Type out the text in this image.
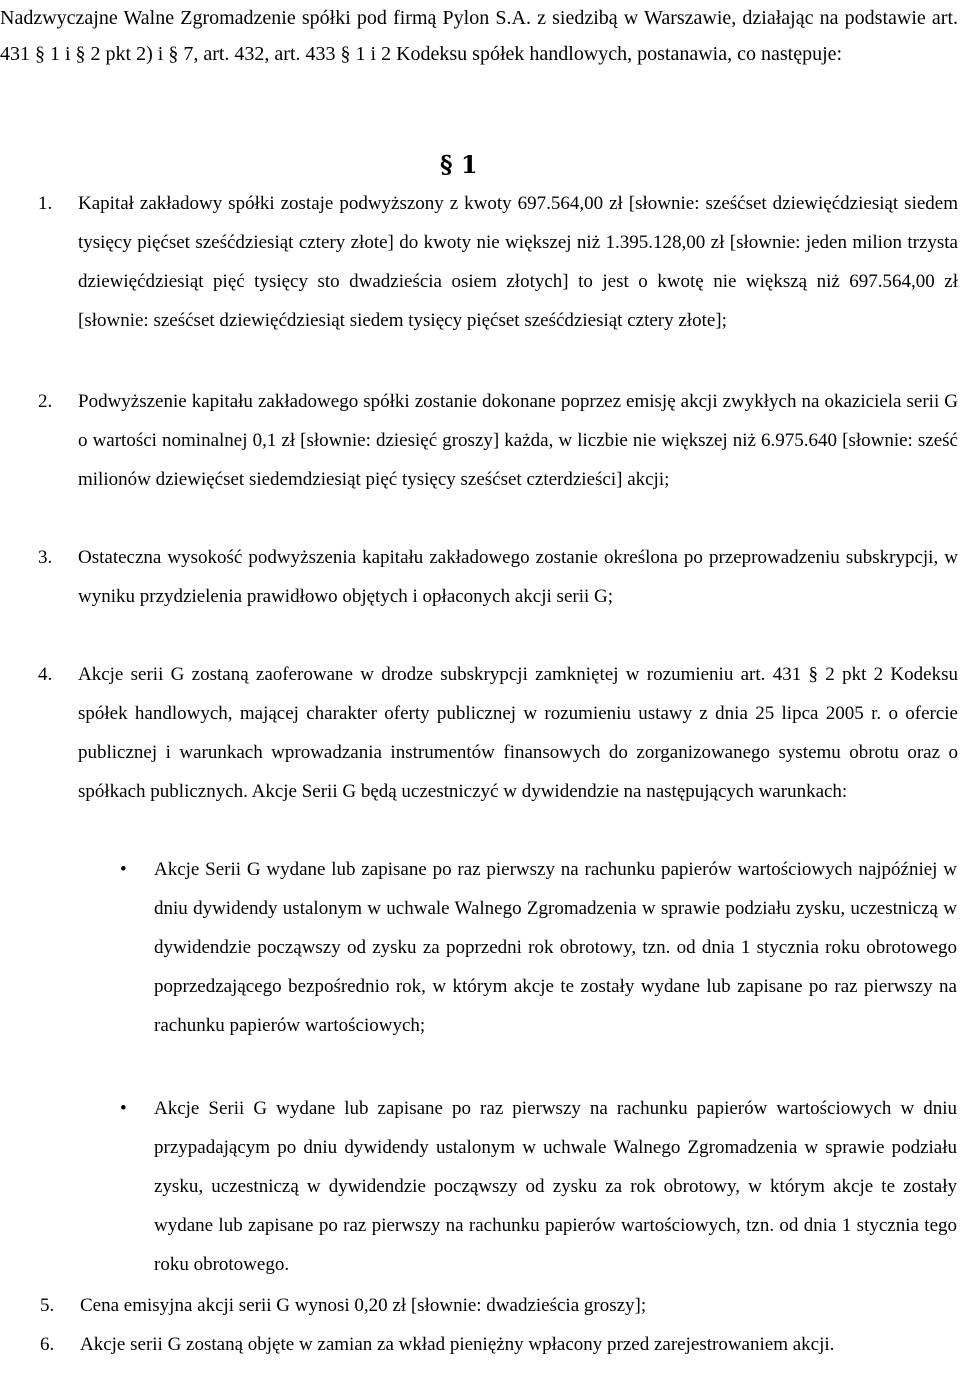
Nadzwyczajne Walne Zgromadzenie spółki pod firmą Pylon S.A. z siedzibą w Warszawie, działając na podstawie art. 431 § 1 i § 2 pkt 2) i § 7, art. 432, art. 433 § 1 i 2 Kodeksu spółek handlowych, postanawia, co następuje:
§ 1
1.	Kapitał zakładowy spółki zostaje podwyższony z kwoty 697.564,00 zł [słownie: sześćset dziewięćdziesiąt siedem tysięcy pięćset sześćdziesiąt cztery złote] do kwoty nie większej niż 1.395.128,00 zł [słownie: jeden milion trzysta dziewięćdziesiąt pięć tysięcy sto dwadzieścia osiem złotych] to jest o kwotę nie większą niż 697.564,00 zł [słownie: sześćset dziewięćdziesiąt siedem tysięcy pięćset sześćdziesiąt cztery złote];
2.	Podwyższenie kapitału zakładowego spółki zostanie dokonane poprzez emisję akcji zwykłych na okaziciela serii G o wartości nominalnej 0,1 zł [słownie: dziesięć groszy] każda, w liczbie nie większej niż 6.975.640 [słownie: sześć milionów dziewięćset siedemdziesiąt pięć tysięcy sześćset czterdzieści] akcji;
3.	Ostateczna wysokość podwyższenia kapitału zakładowego zostanie określona po przeprowadzeniu subskrypcji, w wyniku przydzielenia prawidłowo objętych i opłaconych akcji serii G;
4.	Akcje serii G zostaną zaoferowane w drodze subskrypcji zamkniętej w rozumieniu art. 431 § 2 pkt 2 Kodeksu spółek handlowych, mającej charakter oferty publicznej w rozumieniu ustawy z dnia 25 lipca 2005 r. o ofercie publicznej i warunkach wprowadzania instrumentów finansowych do zorganizowanego systemu obrotu oraz o spółkach publicznych. Akcje Serii G będą uczestniczyć w dywidendzie na następujących warunkach:
• Akcje Serii G wydane lub zapisane po raz pierwszy na rachunku papierów wartościowych najpóźniej w dniu dywidendy ustalonym w uchwale Walnego Zgromadzenia w sprawie podziału zysku, uczestniczą w dywidendzie począwszy od zysku za poprzedni rok obrotowy, tzn. od dnia 1 stycznia roku obrotowego poprzedzającego bezpośrednio rok, w którym akcje te zostały wydane lub zapisane po raz pierwszy na rachunku papierów wartościowych;
• Akcje Serii G wydane lub zapisane po raz pierwszy na rachunku papierów wartościowych w dniu przypadającym po dniu dywidendy ustalonym w uchwale Walnego Zgromadzenia w sprawie podziału zysku, uczestniczą w dywidendzie począwszy od zysku za rok obrotowy, w którym akcje te zostały wydane lub zapisane po raz pierwszy na rachunku papierów wartościowych, tzn. od dnia 1 stycznia tego roku obrotowego.
5.	Cena emisyjna akcji serii G wynosi 0,20 zł [słownie: dwadzieścia groszy];
6.	Akcje serii G zostaną objęte w zamian za wkład pieniężny wpłacony przed zarejestrowaniem akcji.
